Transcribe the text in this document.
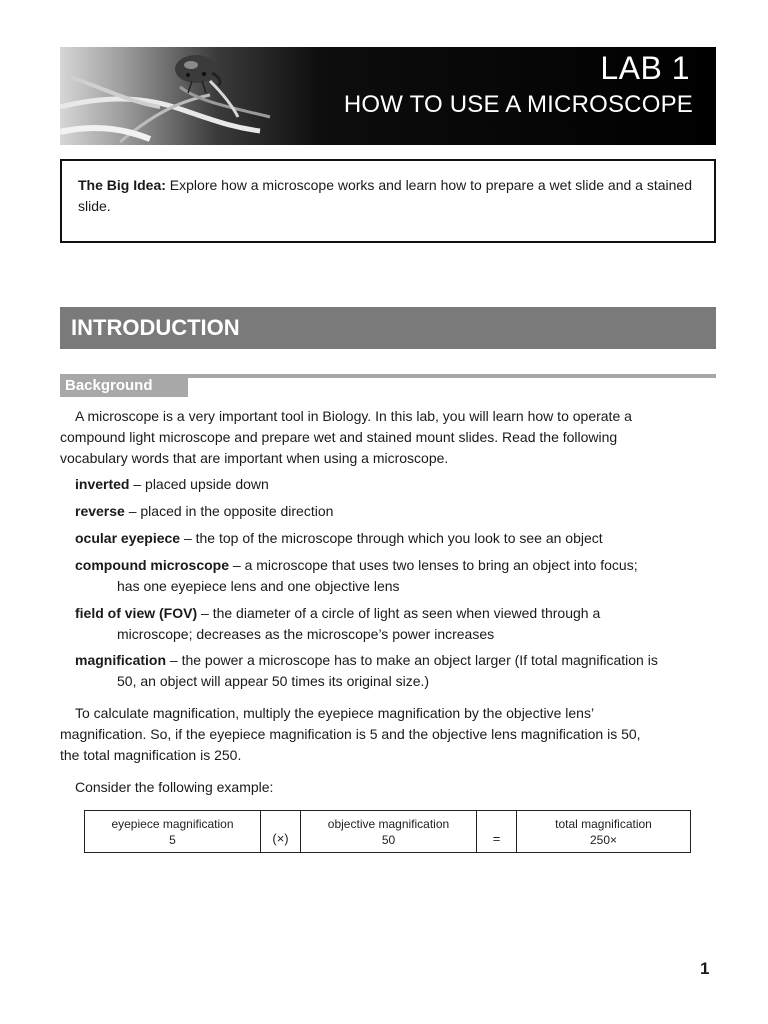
LAB 1
HOW TO USE A MICROSCOPE

The Big Idea: Explore how a microscope works and learn how to prepare a wet slide and a stained slide.

INTRODUCTION
Background

A microscope is a very important tool in Biology. In this lab, you will learn how to operate a
compound light microscope and prepare wet and stained mount slides. Read the following
vocabulary words that are important when using a microscope.

inverted – placed upside down

reverse – placed in the opposite direction

ocular eyepiece – the top of the microscope through which you look to see an object

compound microscope – a microscope that uses two lenses to bring an object into focus;
has one eyepiece lens and one objective lens

field of view (FOV) – the diameter of a circle of light as seen when viewed through a
microscope; decreases as the microscope’s power increases

magnification – the power a microscope has to make an object larger (If total magnification is
50, an object will appear 50 times its original size.)

To calculate magnification, multiply the eyepiece magnification by the objective lens’
magnification. So, if the eyepiece magnification is 5 and the objective lens magnification is 50,
the total magnification is 250.

Consider the following example:

eyepiece magnification
5	(×)
objective magnification
50	=
total magnification
250×
1
